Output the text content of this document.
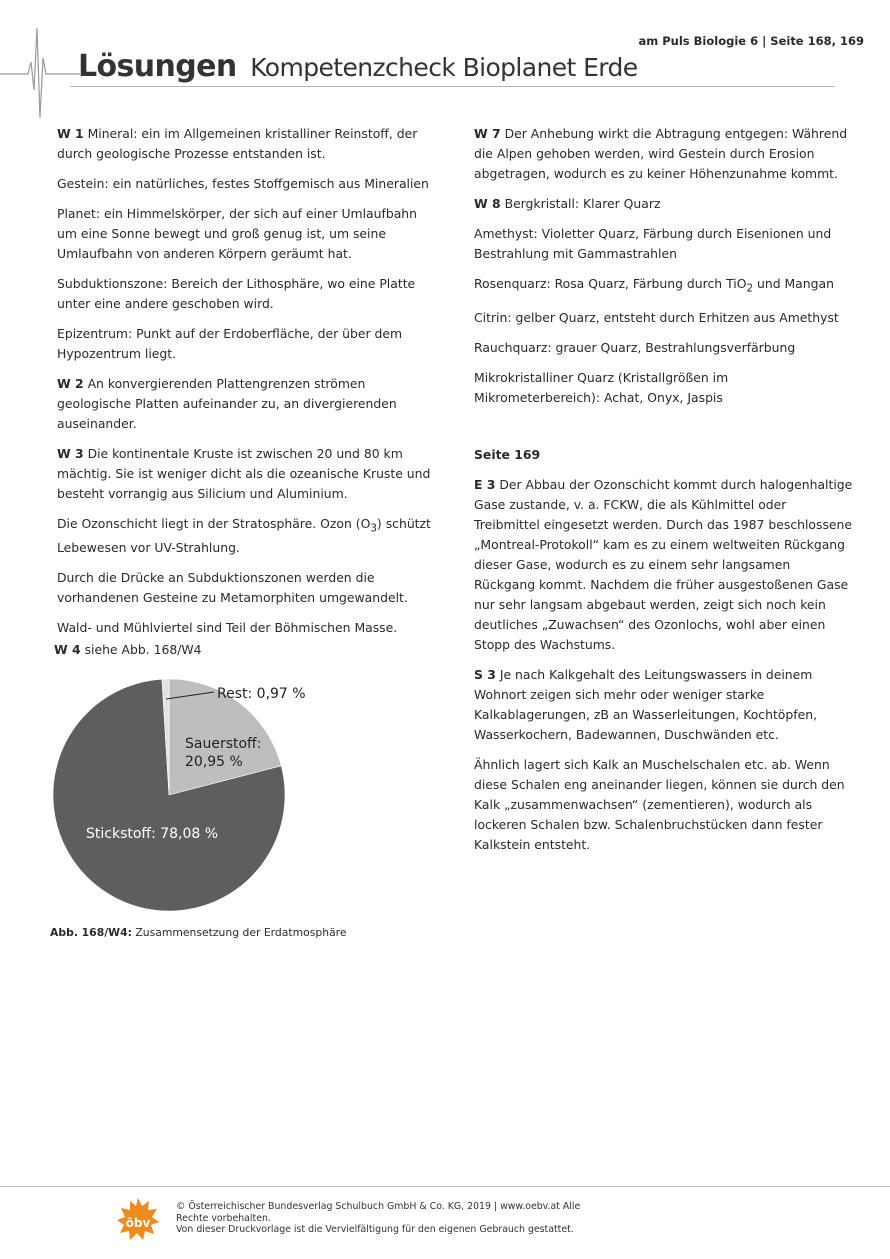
Lösungen Kompetenzcheck Bioplanet Erde

am Puls Biologie 6 | Seite 168, 169

W 1 Mineral: ein im Allgemeinen kristalliner Reinstoff, der durch geologische Prozesse entstanden ist.

Gestein: ein natürliches, festes Stoffgemisch aus Mineralien

Planet: ein Himmelskörper, der sich auf einer Umlaufbahn um eine Sonne bewegt und groß genug ist, um seine Umlaufbahn von anderen Körpern geräumt hat.

Subduktionszone: Bereich der Lithosphäre, wo eine Platte unter eine andere geschoben wird.

Epizentrum: Punkt auf der Erdoberfläche, der über dem Hypozentrum liegt.

W 2 An konvergierenden Plattengrenzen strömen geologische Platten aufeinander zu, an divergierenden auseinander.

W 3 Die kontinentale Kruste ist zwischen 20 und 80 km mächtig. Sie ist weniger dicht als die ozeanische Kruste und besteht vorrangig aus Silicium und Aluminium.

Die Ozonschicht liegt in der Stratosphäre. Ozon $(O_3)$ schützt Lebewesen vor UV-Strahlung.

Durch die Drücke an Subduktionszonen werden die vorhandenen Gesteine zu Metamorphiten umgewandelt.

Wald- und Mühlviertel sind Teil der Böhmischen Masse.

W 4 siehe Abb. 168/W4

Stickstoff: 78,08 %
Sauerstoff:
20,95 %
Rest: 0,97 %

Abb. 168/W4: Zusammensetzung der Erdatmosphäre

W 7 Der Anhebung wirkt die Abtragung entgegen: Während die Alpen gehoben werden, wird Gestein durch Erosion abgetragen, wodurch es zu keiner Höhenzunahme kommt.

W 8 Bergkristall: Klarer Quarz

Amethyst: Violetter Quarz, Färbung durch Eisenionen und Bestrahlung mit Gammastrahlen

Rosenquarz: Rosa Quarz, Färbung durch TiO$_2$ und Mangan

Citrin: gelber Quarz, entsteht durch Erhitzen aus Amethyst

Rauchquarz: grauer Quarz, Bestrahlungsverfärbung

Mikrokristalliner Quarz (Kristallgrößen im Mikrometerbereich): Achat, Onyx, Jaspis

Seite 169

E 3 Der Abbau der Ozonschicht kommt durch halogenhaltige Gase zustande, v. a. FCKW, die als Kühlmittel oder Treibmittel eingesetzt werden. Durch das 1987 beschlossene „Montreal-Protokoll“ kam es zu einem weltweiten Rückgang dieser Gase, wodurch es zu einem sehr langsamen Rückgang kommt. Nachdem die früher ausgestoßenen Gase nur sehr langsam abgebaut werden, zeigt sich noch kein deutliches „Zuwachsen“ des Ozonlochs, wohl aber einen Stopp des Wachstums.

S 3 Je nach Kalkgehalt des Leitungswassers in deinem Wohnort zeigen sich mehr oder weniger starke Kalkablagerungen, zB an Wasserleitungen, Kochtöpfen, Wasserkochern, Badewannen, Duschwänden etc.

Ähnlich lagert sich Kalk an Muschelschalen etc. ab. Wenn diese Schalen eng aneinander liegen, können sie durch den Kalk „zusammenwachsen“ (zementieren), wodurch als lockeren Schalen bzw. Schalenbruchstücken dann fester Kalkstein entsteht.

öbv

© Österreichischer Bundesverlag Schulbuch GmbH & Co. KG, 2019 | www.oebv.at Alle
Rechte vorbehalten.
Von dieser Druckvorlage ist die Vervielfältigung für den eigenen Gebrauch gestattet.
